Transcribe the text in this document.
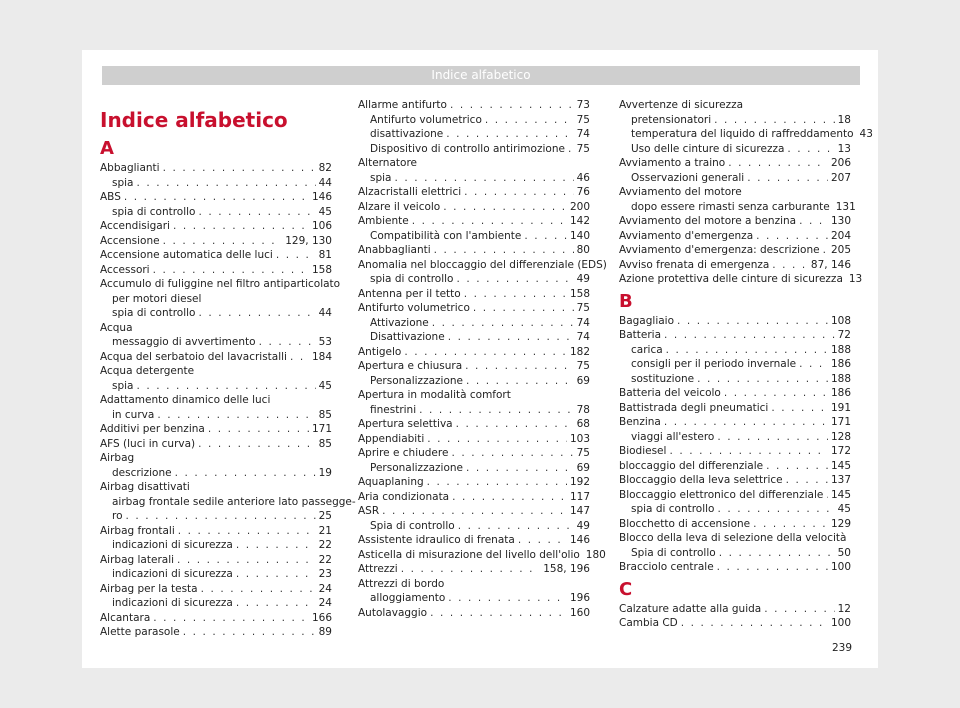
Indice alfabetico
Indice alfabetico
A
Abbaglianti . . .	82
spia . . .	44
ABS . . .	146
spia di controllo . . .	45
Accendisigari . . .	106
Accensione . . .	129, 130
Accensione automatica delle luci . . .	81
Accessori . . .	158
Accumulo di fuliggine nel filtro antiparticolato
per motori diesel
spia di controllo . . .	44
Acqua
messaggio di avvertimento . . .	53
Acqua del serbatoio del lavacristalli . . . 184
Acqua detergente
spia . . .	45
Adattamento dinamico delle luci
in curva . . .	85
Additivi per benzina . . .	171
AFS (luci in curva) . . .	85
Airbag
descrizione . . .	19
Airbag disattivati
airbag frontale sedile anteriore lato passegge-
ro . . .	25
Airbag frontali . . .	21
indicazioni di sicurezza . . .	22
Airbag laterali . . .	22
indicazioni di sicurezza . . .	23
Airbag per la testa . . .	24
indicazioni di sicurezza . . .	24
Alcantara . . .	166
Alette parasole . . .	89
Allarme antifurto . . .	73
Antifurto volumetrico . . .	75
disattivazione . . .	74
Dispositivo di controllo antirimozione . . . 75
Alternatore
spia . . .	46
Alzacristalli elettrici . . .	76
Alzare il veicolo . . .	200
Ambiente . . .	142
Compatibilità con l'ambiente . . .	140
Anabbaglianti . . .	80
Anomalia nel bloccaggio del differenziale (EDS)
spia di controllo . . .	49
Antenna per il tetto . . .	158
Antifurto volumetrico . . .	75
Attivazione . . .	74
Disattivazione . . .	74
Antigelo . . .	182
Apertura e chiusura . . .	75
Personalizzazione . . .	69
Apertura in modalità comfort
finestrini . . .	78
Apertura selettiva . . .	68
Appendiabiti . . .	103
Aprire e chiudere . . .	75
Personalizzazione . . .	69
Aquaplaning . . .	192
Aria condizionata . . .	117
ASR . . .	147
Spia di controllo . . .	49
Assistente idraulico di frenata . . .	146
Asticella di misurazione del livello dell'olio 180
Attrezzi . . .	158, 196
Attrezzi di bordo
alloggiamento . . .	196
Autolavaggio . . .	160
Avvertenze di sicurezza
pretensionatori . . .	18
temperatura del liquido di raffreddamento 43
Uso delle cinture di sicurezza . . .	13
Avviamento a traino . . .	206
Osservazioni generali . . .	207
Avviamento del motore
dopo essere rimasti senza carburante 131
Avviamento del motore a benzina . . .	130
Avviamento d'emergenza . . .	204
Avviamento d'emergenza: descrizione . . . 205
Avviso frenata di emergenza . . .	87, 146
Azione protettiva delle cinture di sicurezza 13
B
Bagagliaio . . .	108
Batteria . . .	72
carica . . .	188
consigli per il periodo invernale . . .	186
sostituzione . . .	188
Batteria del veicolo . . .	186
Battistrada degli pneumatici . . .	191
Benzina . . .	171
viaggi all'estero . . .	128
Biodiesel . . .	172
bloccaggio del differenziale . . .	145
Bloccaggio della leva selettrice . . .	137
Bloccaggio elettronico del differenziale . . . 145
spia di controllo . . .	45
Blocchetto di accensione . . .	129
Blocco della leva di selezione della velocità
Spia di controllo . . .	50
Bracciolo centrale . . .	100
C
Calzature adatte alla guida . . .	12
Cambia CD . . .	100
239
